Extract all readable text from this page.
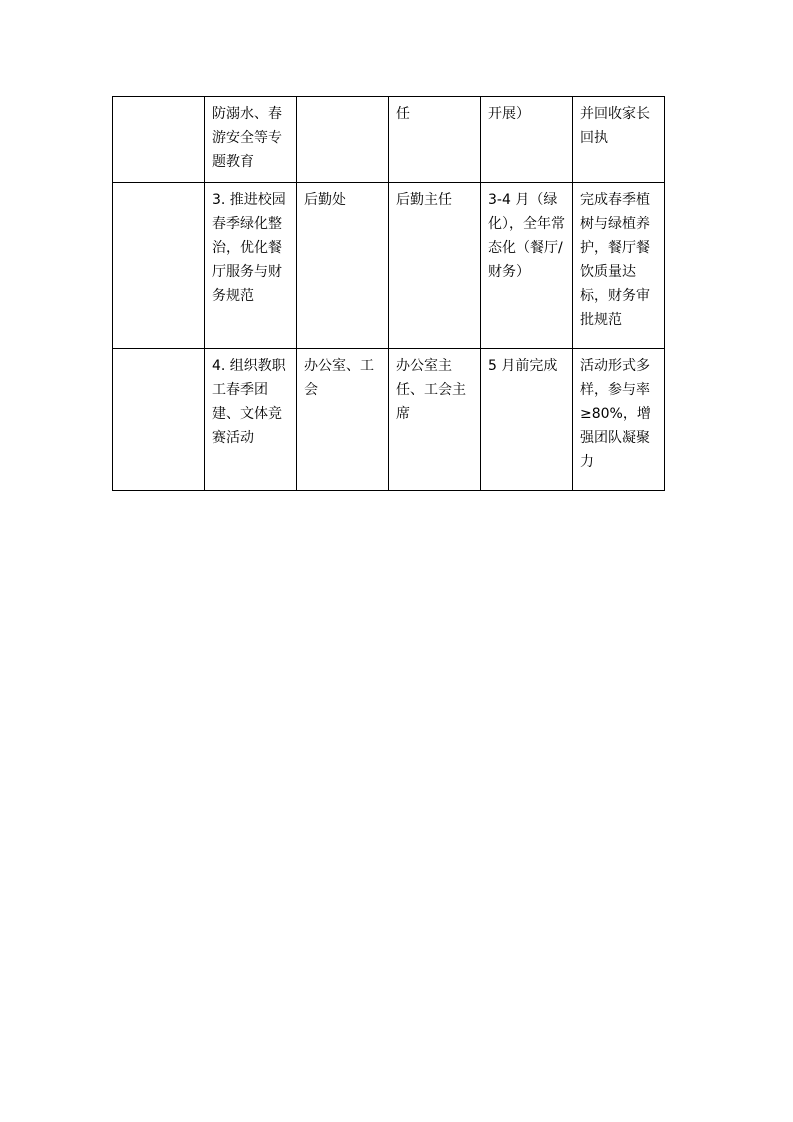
	防溺水、春游安全等专题教育		任	开展）	并回收家长回执
	3. 推进校园春季绿化整治，优化餐厅服务与财务规范	后勤处	后勤主任	3-4 月（绿化），全年常态化（餐厅/财务）	完成春季植树与绿植养护，餐厅餐饮质量达标，财务审批规范
	4. 组织教职工春季团建、文体竞赛活动	办公室、工会	办公室主任、工会主席	5 月前完成	活动形式多样，参与率≥80%，增强团队凝聚力
